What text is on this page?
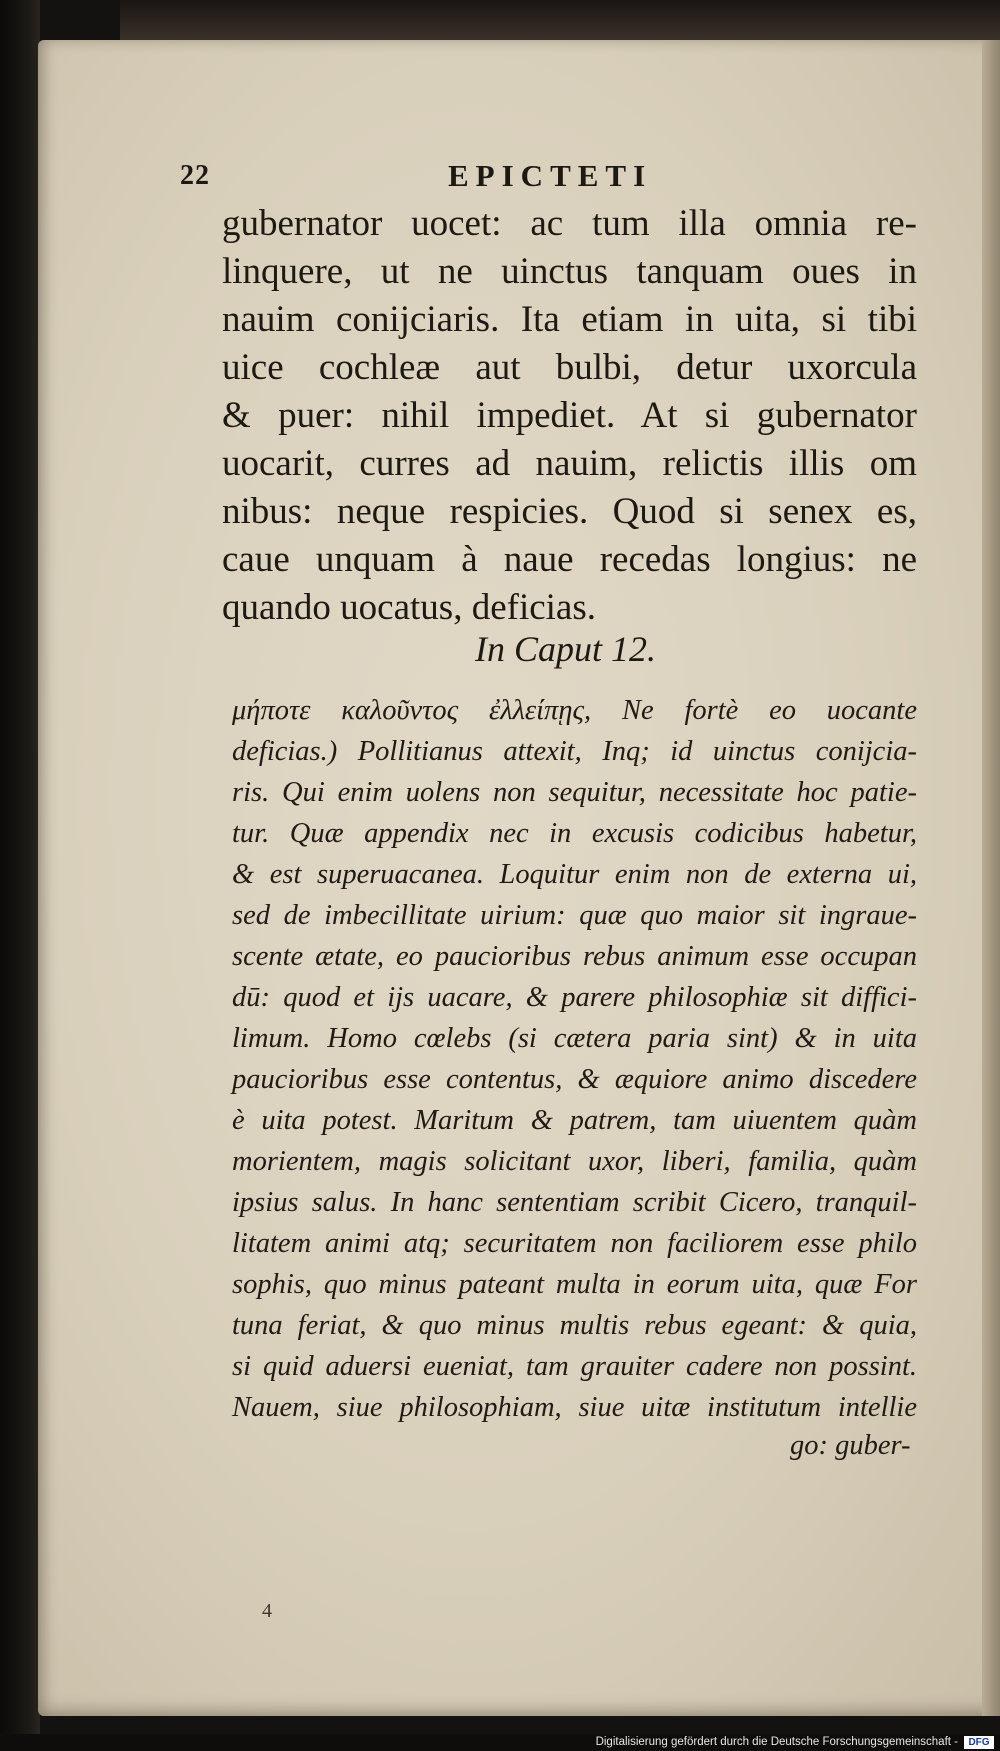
22	EPICTETI
gubernator uocet: ac tum illa omnia re-
linquere, ut ne uinctus tanquam oues in
nauim conijciaris. Ita etiam in uita, si tibi
uice cochleæ aut bulbi, detur uxorcula
& puer: nihil impediet. At si gubernator
uocarit, curres ad nauim, relictis illis om
nibus: neque respicies. Quod si senex es,
caue unquam à naue recedas longius: ne
quando uocatus, deficias.
In Caput 12.
μήποτε καλοῦντος ἐλλείπῃς, Ne fortè eo uocante
deficias.) Pollitianus attexit, Inq; id uinctus conijcia-
ris. Qui enim uolens non sequitur, necessitate hoc patie-
tur. Quæ appendix nec in excusis codicibus habetur,
& est superuacanea. Loquitur enim non de externa ui,
sed de imbecillitate uirium: quæ quo maior sit ingraue-
scente ætate, eo paucioribus rebus animum esse occupan
dū: quod et ijs uacare, & parere philosophiæ sit diffici-
limum. Homo cœlebs (si cætera paria sint) & in uita
paucioribus esse contentus, & æquiore animo discedere
è uita potest. Maritum & patrem, tam uiuentem quàm
morientem, magis solicitant uxor, liberi, familia, quàm
ipsius salus. In hanc sententiam scribit Cicero, tranquil-
litatem animi atq; securitatem non faciliorem esse philo
sophis, quo minus pateant multa in eorum uita, quæ For
tuna feriat, & quo minus multis rebus egeant: & quia,
si quid aduersi eueniat, tam grauiter cadere non possint.
Nauem, siue philosophiam, siue uitæ institutum intellie
go: guber-
4
Digitalisierung gefördert durch die Deutsche Forschungsgemeinschaft -	DFG
